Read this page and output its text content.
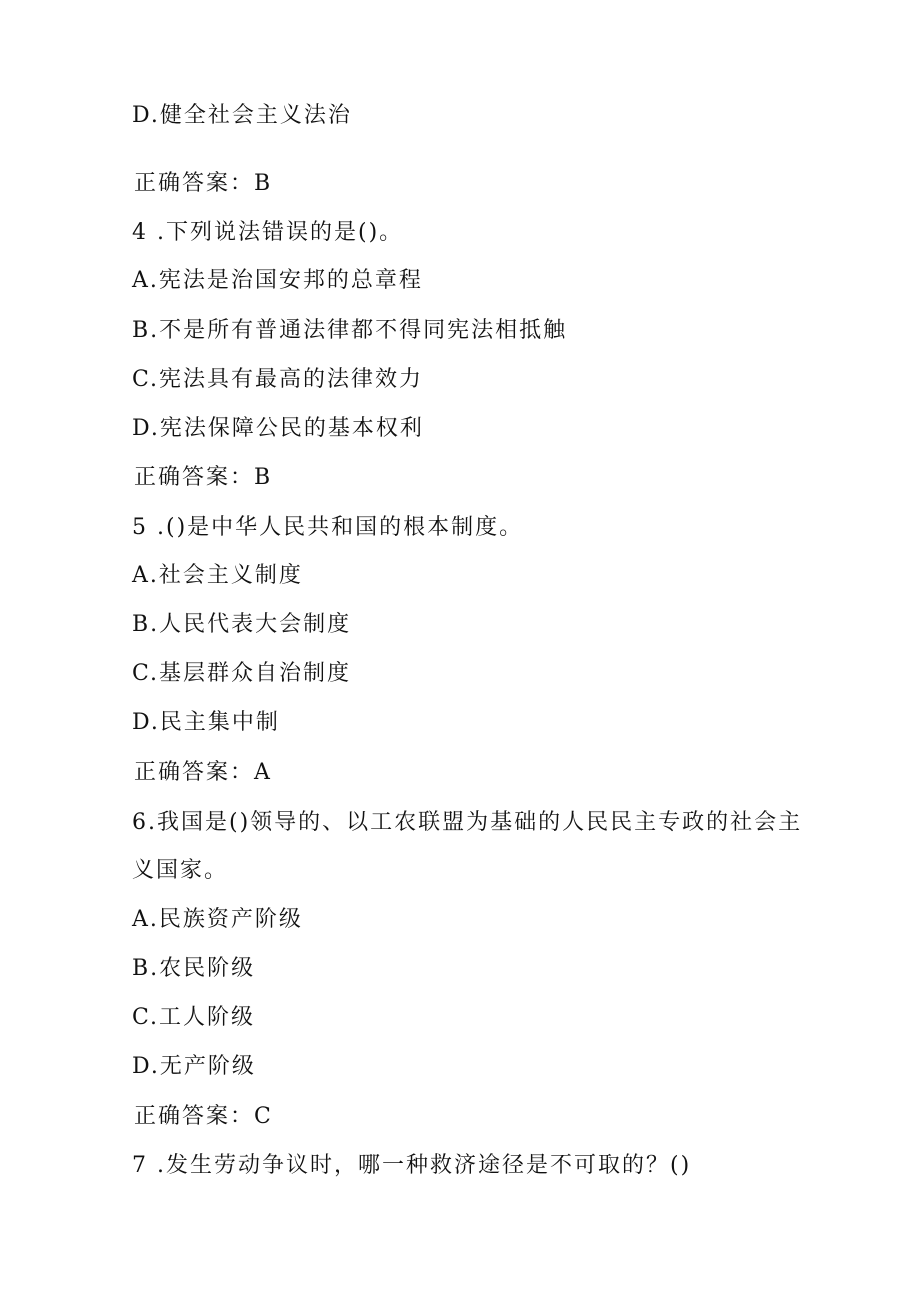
D.健全社会主义法治
正确答案：B
4 .下列说法错误的是()。
A.宪法是治国安邦的总章程
B.不是所有普通法律都不得同宪法相抵触
C.宪法具有最高的法律效力
D.宪法保障公民的基本权利
正确答案：B
5 .()是中华人民共和国的根本制度。
A.社会主义制度
B.人民代表大会制度
C.基层群众自治制度
D.民主集中制
正确答案：A
6.我国是()领导的、以工农联盟为基础的人民民主专政的社会主
义国家。
A.民族资产阶级
B.农民阶级
C.工人阶级
D.无产阶级
正确答案：C
7 .发生劳动争议时，哪一种救济途径是不可取的？()
